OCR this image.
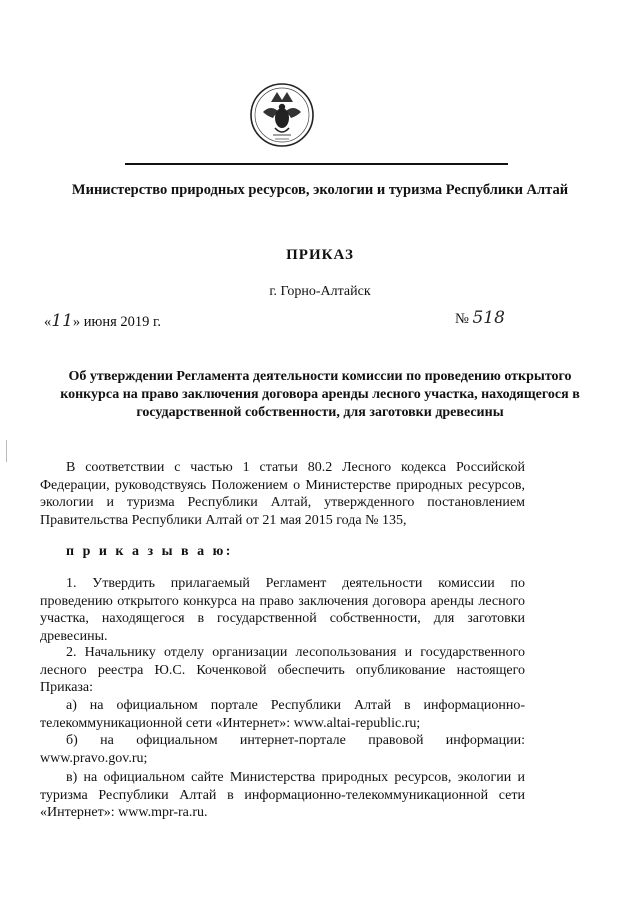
Министерство природных ресурсов, экологии и туризма Республики Алтай
ПРИКАЗ
г. Горно-Алтайск
«11» июня 2019 г.	№ 518
Об утверждении Регламента деятельности комиссии по проведению открытого конкурса на право заключения договора аренды лесного участка, находящегося в государственной собственности, для заготовки древесины

В соответствии с частью 1 статьи 80.2 Лесного кодекса Российской Федерации, руководствуясь Положением о Министерстве природных ресурсов, экологии и туризма Республики Алтай, утвержденного постановлением Правительства Республики Алтай от 21 мая 2015 года № 135,

п р и к а з ы в а ю:

1. Утвердить прилагаемый Регламент деятельности комиссии по проведению открытого конкурса на право заключения договора аренды лесного участка, находящегося в государственной собственности, для заготовки древесины.

2. Начальнику отделу организации лесопользования и государственного лесного реестра Ю.С. Коченковой обеспечить опубликование настоящего Приказа:

а) на официальном портале Республики Алтай в информационно-телекоммуникационной сети «Интернет»: www.altai-republic.ru;

б) на официальном интернет-портале правовой информации: www.pravo.gov.ru;

в) на официальном сайте Министерства природных ресурсов, экологии и туризма Республики Алтай в информационно-телекоммуникационной сети «Интернет»: www.mpr-ra.ru.
